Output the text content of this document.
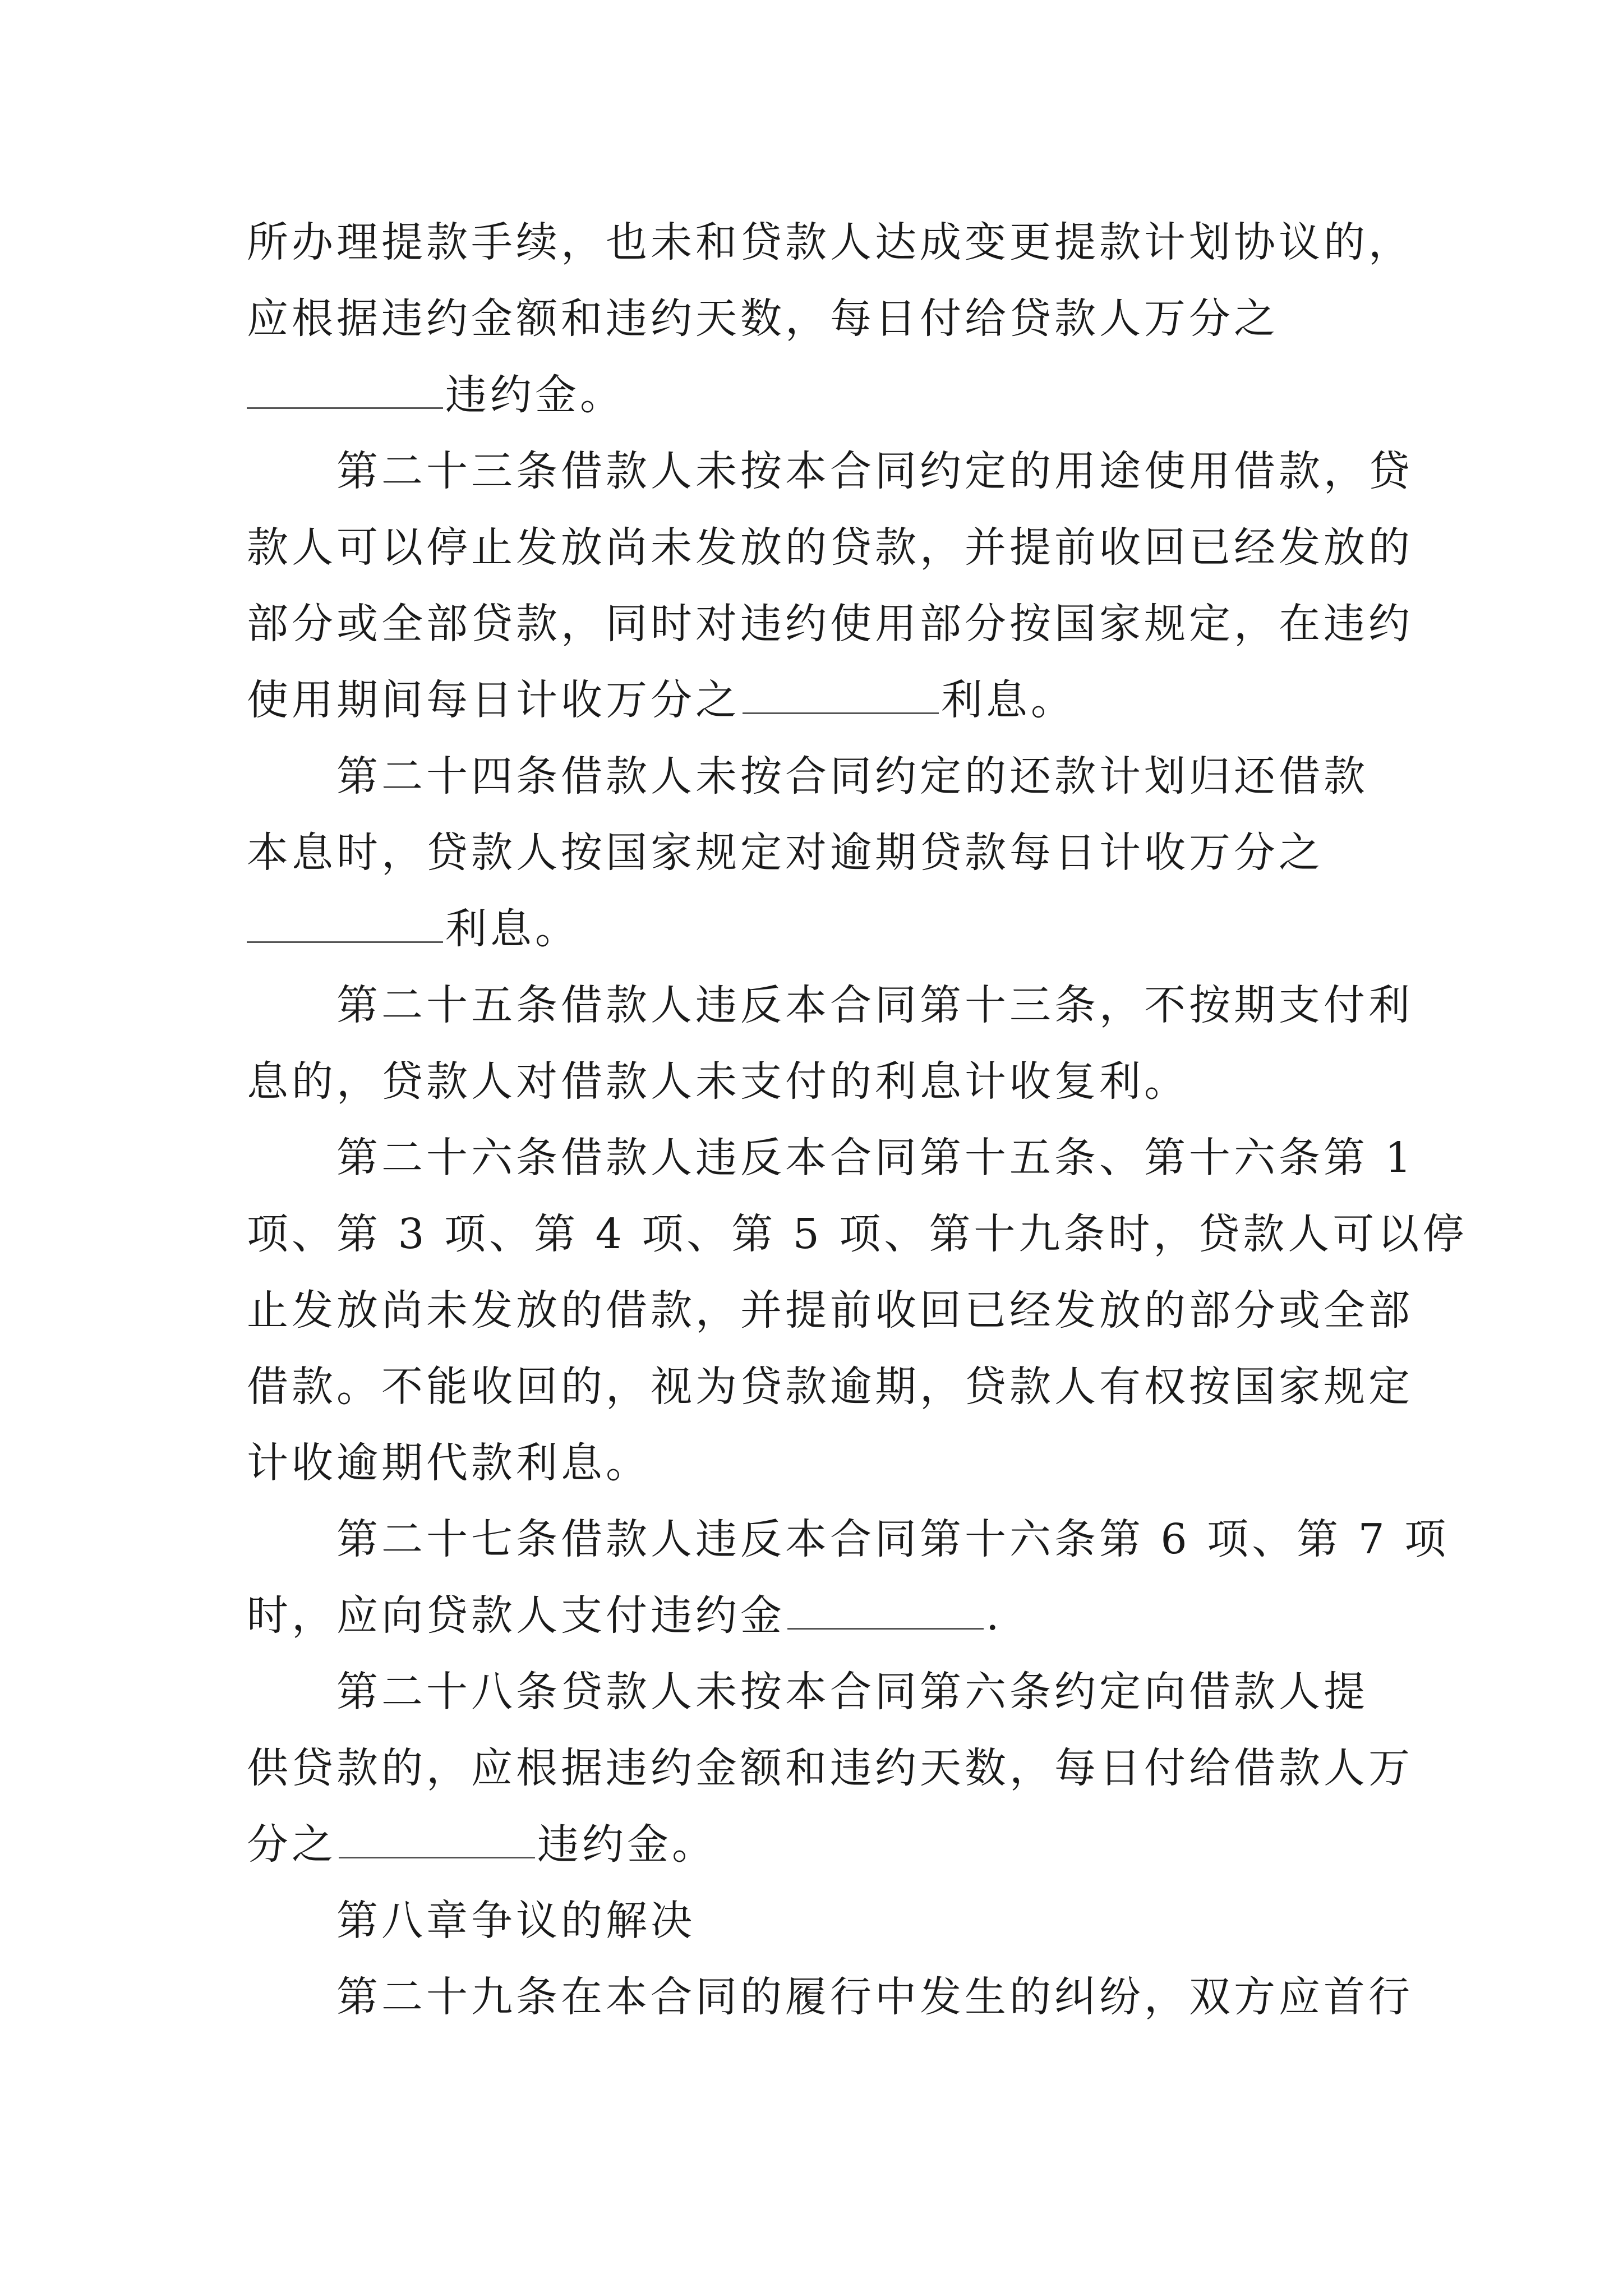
所办理提款手续，也未和贷款人达成变更提款计划协议的，
应根据违约金额和违约天数，每日付给贷款人万分之
违约金。
第二十三条借款人未按本合同约定的用途使用借款，贷
款人可以停止发放尚未发放的贷款，并提前收回已经发放的
部分或全部贷款，同时对违约使用部分按国家规定，在违约
使用期间每日计收万分之	利息。
第二十四条借款人未按合同约定的还款计划归还借款
本息时，贷款人按国家规定对逾期贷款每日计收万分之
利息。
第二十五条借款人违反本合同第十三条，不按期支付利
息的，贷款人对借款人未支付的利息计收复利。
第二十六条借款人违反本合同第十五条、第十六条第 1
项、第 3 项、第 4 项、第 5 项、第十九条时，贷款人可以停
止发放尚未发放的借款，并提前收回已经发放的部分或全部
借款。不能收回的，视为贷款逾期，贷款人有权按国家规定
计收逾期代款利息。
第二十七条借款人违反本合同第十六条第 6 项、第 7 项
时，应向贷款人支付违约金	.
第二十八条贷款人未按本合同第六条约定向借款人提
供贷款的，应根据违约金额和违约天数，每日付给借款人万
分之	违约金。
第八章争议的解决
第二十九条在本合同的履行中发生的纠纷，双方应首行
